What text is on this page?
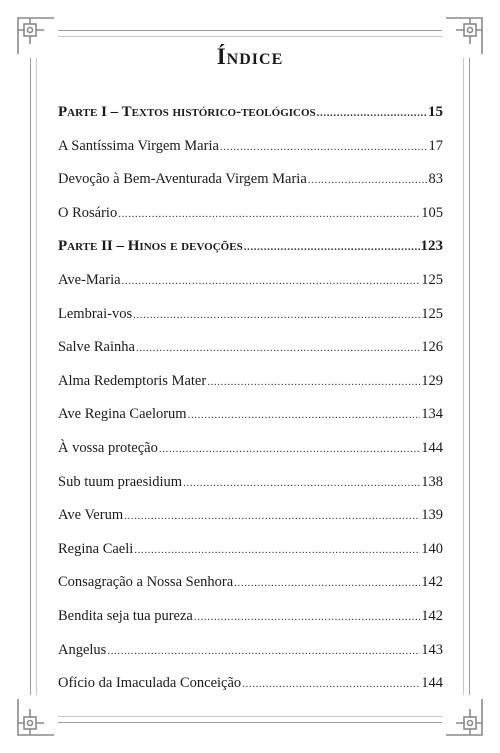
Índice
Parte I – Textos histórico-teológicos .....	15
A Santíssima Virgem Maria .....	17
Devoção à Bem-Aventurada Virgem Maria .....	83
O Rosário .....	105
Parte II – Hinos e devoções .....	123
Ave-Maria .....	125
Lembrai-vos .....	125
Salve Rainha .....	126
Alma Redemptoris Mater .....	129
Ave Regina Caelorum .....	134
À vossa proteção .....	144
Sub tuum praesidium .....	138
Ave Verum .....	139
Regina Caeli .....	140
Consagração a Nossa Senhora .....	142
Bendita seja tua pureza .....	142
Angelus .....	143
Ofício da Imaculada Conceição .....	144
